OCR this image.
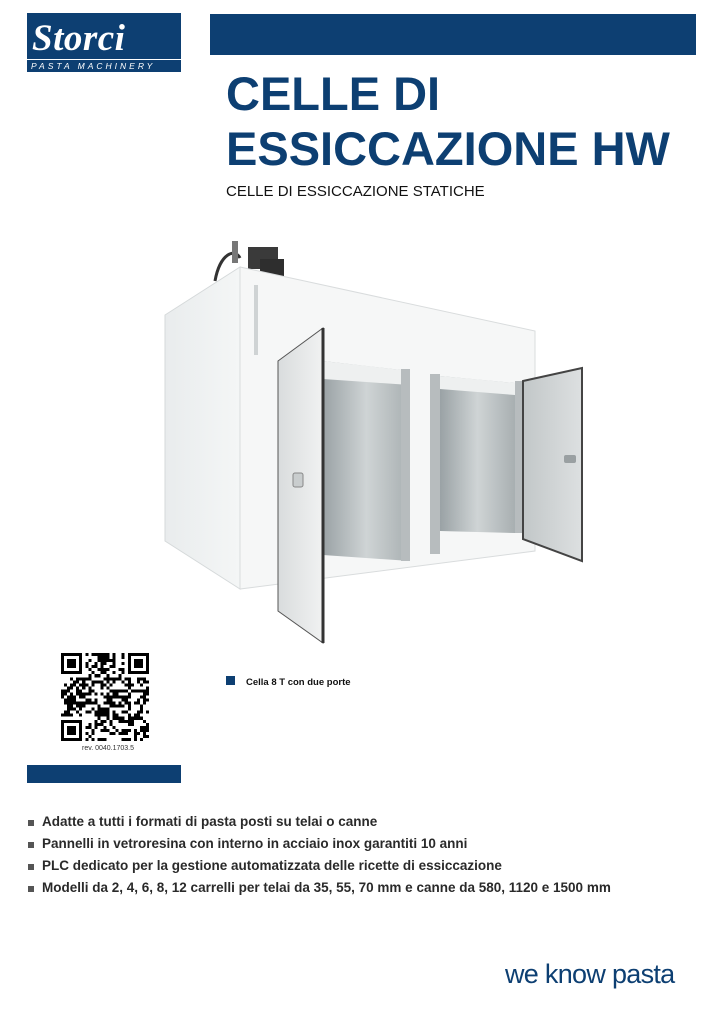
Storci
PASTA MACHINERY
CELLE DI ESSICCAZIONE HW
CELLE DI ESSICCAZIONE STATICHE
rev. 0040.1703.5
Cella 8 T con due porte
Adatte a tutti i formati di pasta posti su telai o canne
Pannelli in vetroresina con interno in acciaio inox garantiti 10 anni
PLC dedicato per la gestione automatizzata delle ricette di essiccazione
Modelli da 2, 4, 6, 8, 12 carrelli per telai da 35, 55, 70 mm e canne da 580, 1120 e 1500 mm
we know pasta
